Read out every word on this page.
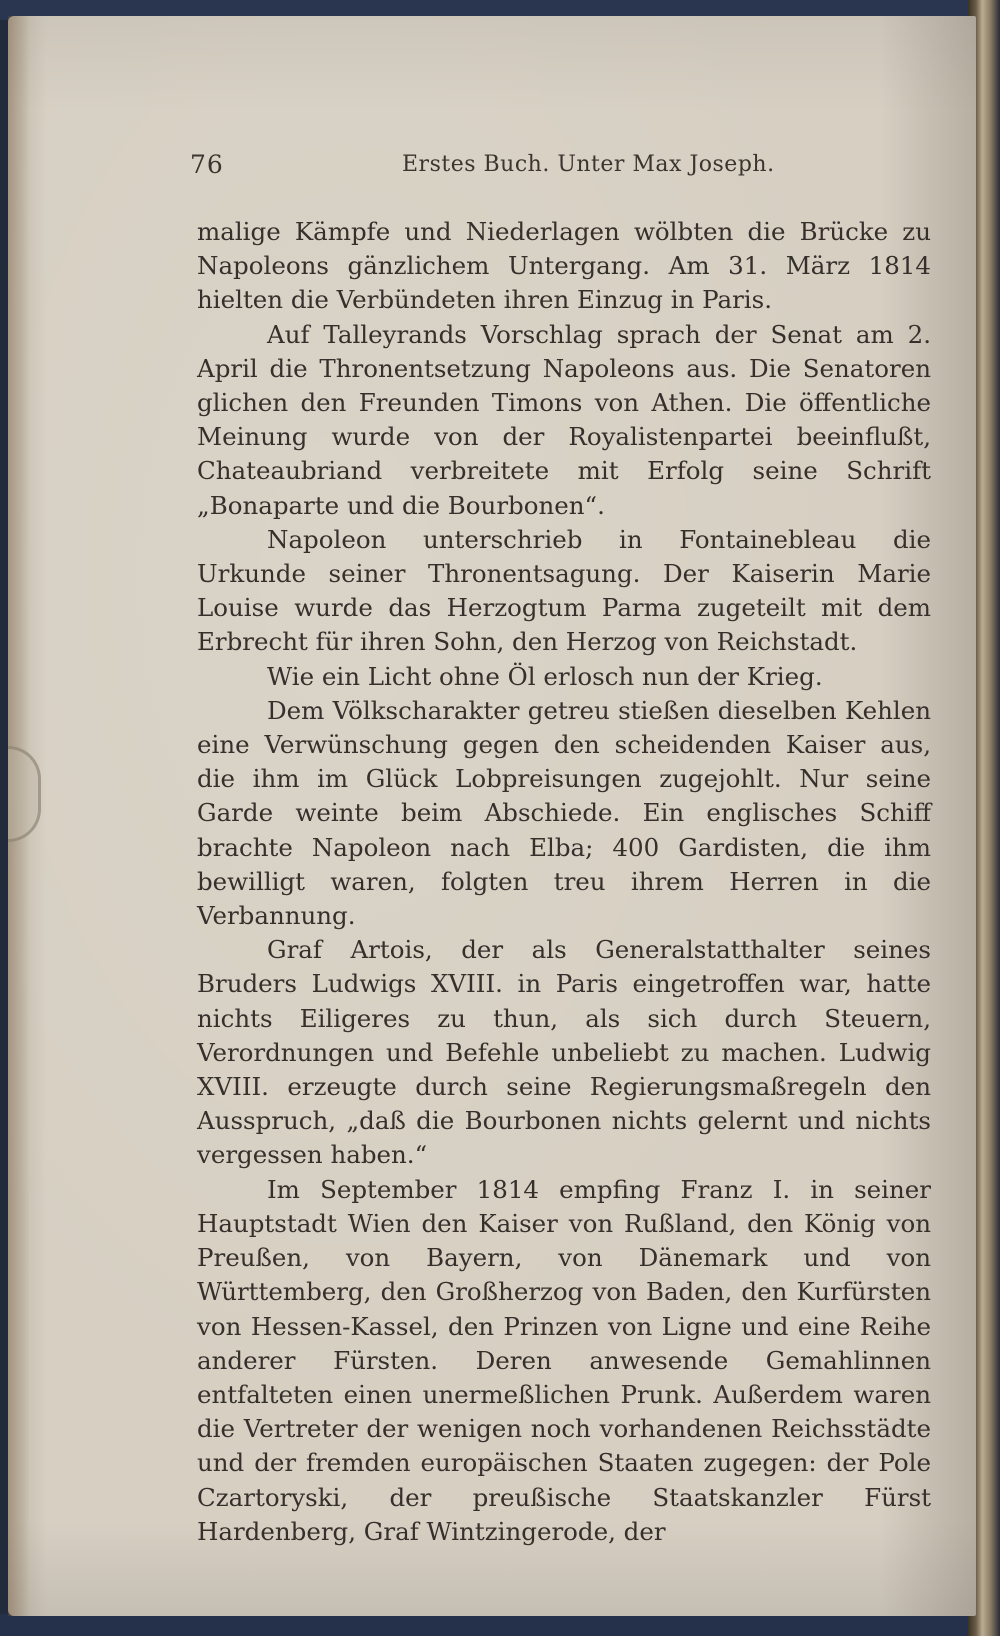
76	Erstes Buch. Unter Max Joseph.

malige Kämpfe und Niederlagen wölbten die Brücke zu Napoleons gänzlichem Untergang. Am 31. März 1814 hielten die Verbündeten ihren Einzug in Paris.

Auf Talleyrands Vorschlag sprach der Senat am 2. April die Thronentsetzung Napoleons aus. Die Senatoren glichen den Freunden Timons von Athen. Die öffentliche Meinung wurde von der Royalistenpartei beeinflußt, Chateaubriand verbreitete mit Erfolg seine Schrift „Bonaparte und die Bourbonen“.

Napoleon unterschrieb in Fontainebleau die Urkunde seiner Thronentsagung. Der Kaiserin Marie Louise wurde das Herzogtum Parma zugeteilt mit dem Erbrecht für ihren Sohn, den Herzog von Reichstadt.

Wie ein Licht ohne Öl erlosch nun der Krieg.

Dem Völkscharakter getreu stießen dieselben Kehlen eine Verwünschung gegen den scheidenden Kaiser aus, die ihm im Glück Lobpreisungen zugejohlt. Nur seine Garde weinte beim Abschiede. Ein englisches Schiff brachte Napoleon nach Elba; 400 Gardisten, die ihm bewilligt waren, folgten treu ihrem Herren in die Verbannung.

Graf Artois, der als Generalstatthalter seines Bruders Ludwigs XVIII. in Paris eingetroffen war, hatte nichts Eiligeres zu thun, als sich durch Steuern, Verordnungen und Befehle unbeliebt zu machen. Ludwig XVIII. erzeugte durch seine Regierungsmaßregeln den Ausspruch, „daß die Bourbonen nichts gelernt und nichts vergessen haben.“

Im September 1814 empfing Franz I. in seiner Hauptstadt Wien den Kaiser von Rußland, den König von Preußen, von Bayern, von Dänemark und von Württemberg, den Großherzog von Baden, den Kurfürsten von Hessen-Kassel, den Prinzen von Ligne und eine Reihe anderer Fürsten. Deren anwesende Gemahlinnen entfalteten einen unermeßlichen Prunk. Außerdem waren die Vertreter der wenigen noch vorhandenen Reichsstädte und der fremden europäischen Staaten zugegen: der Pole Czartoryski, der preußische Staatskanzler Fürst Hardenberg, Graf Wintzingerode, der
